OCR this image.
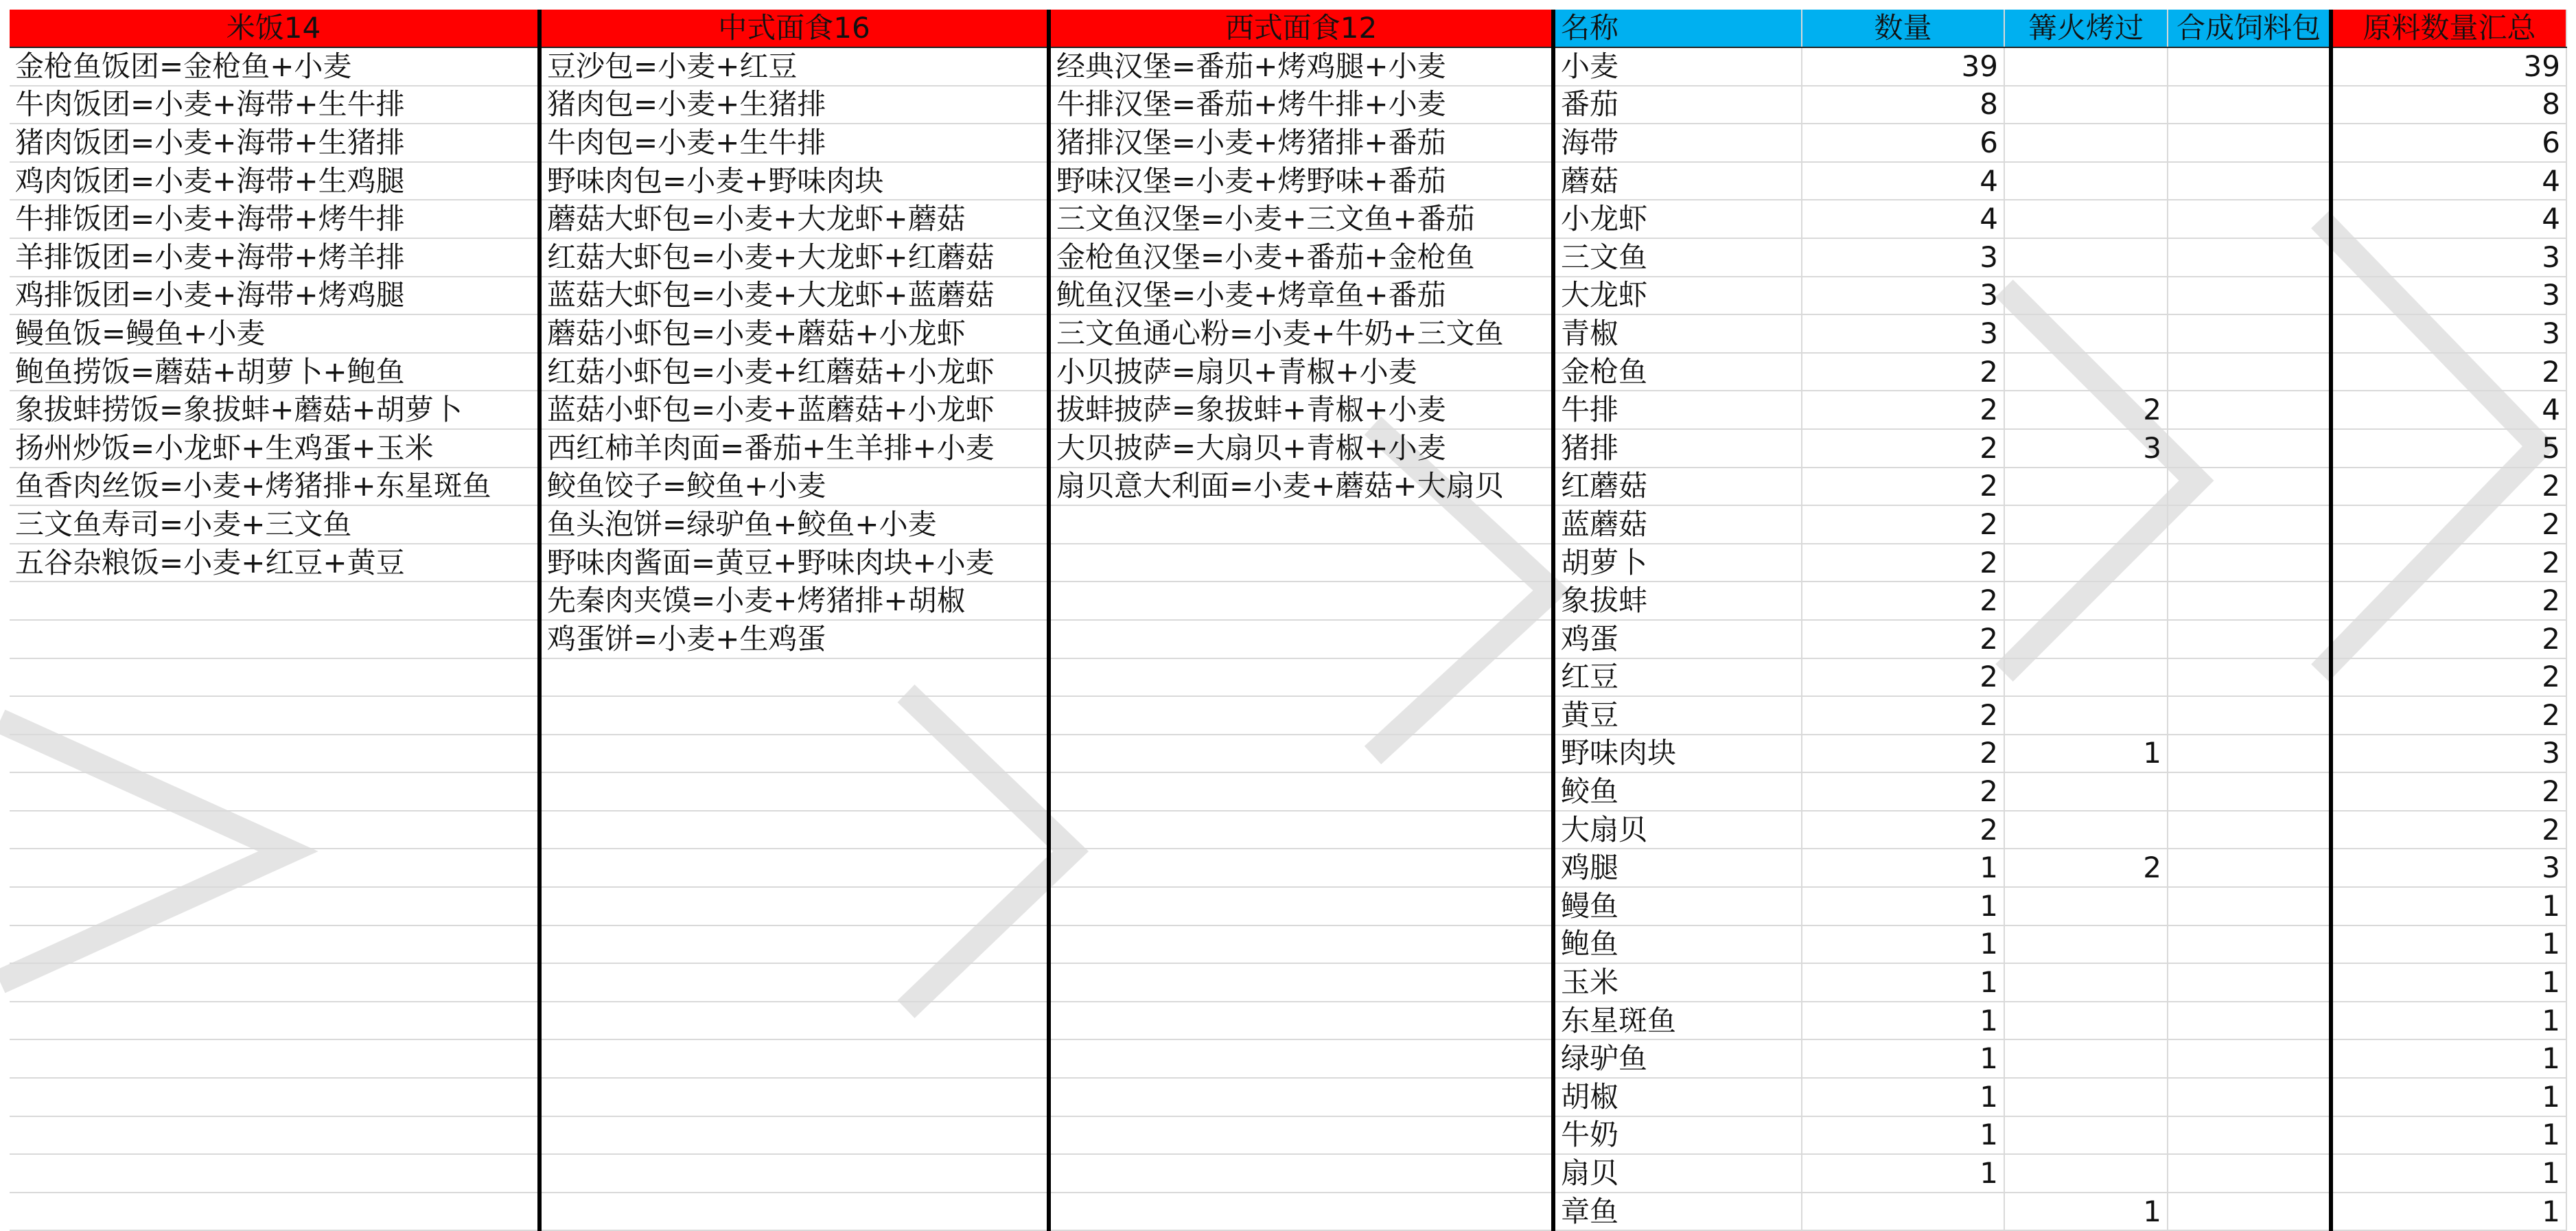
米饭14	中式面食16	西式面食12	名称	数量	篝火烤过	合成饲料包	原料数量汇总
金枪鱼饭团=金枪鱼+小麦	豆沙包=小麦+红豆	经典汉堡=番茄+烤鸡腿+小麦	小麦	39			39
牛肉饭团=小麦+海带+生牛排	猪肉包=小麦+生猪排	牛排汉堡=番茄+烤牛排+小麦	番茄	8			8
猪肉饭团=小麦+海带+生猪排	牛肉包=小麦+生牛排	猪排汉堡=小麦+烤猪排+番茄	海带	6			6
鸡肉饭团=小麦+海带+生鸡腿	野味肉包=小麦+野味肉块	野味汉堡=小麦+烤野味+番茄	蘑菇	4			4
牛排饭团=小麦+海带+烤牛排	蘑菇大虾包=小麦+大龙虾+蘑菇	三文鱼汉堡=小麦+三文鱼+番茄	小龙虾	4			4
羊排饭团=小麦+海带+烤羊排	红菇大虾包=小麦+大龙虾+红蘑菇	金枪鱼汉堡=小麦+番茄+金枪鱼	三文鱼	3			3
鸡排饭团=小麦+海带+烤鸡腿	蓝菇大虾包=小麦+大龙虾+蓝蘑菇	鱿鱼汉堡=小麦+烤章鱼+番茄	大龙虾	3			3
鳗鱼饭=鳗鱼+小麦	蘑菇小虾包=小麦+蘑菇+小龙虾	三文鱼通心粉=小麦+牛奶+三文鱼	青椒	3			3
鲍鱼捞饭=蘑菇+胡萝卜+鲍鱼	红菇小虾包=小麦+红蘑菇+小龙虾	小贝披萨=扇贝+青椒+小麦	金枪鱼	2			2
象拔蚌捞饭=象拔蚌+蘑菇+胡萝卜	蓝菇小虾包=小麦+蓝蘑菇+小龙虾	拔蚌披萨=象拔蚌+青椒+小麦	牛排	2	2		4
扬州炒饭=小龙虾+生鸡蛋+玉米	西红柿羊肉面=番茄+生羊排+小麦	大贝披萨=大扇贝+青椒+小麦	猪排	2	3		5
鱼香肉丝饭=小麦+烤猪排+东星斑鱼	鲛鱼饺子=鲛鱼+小麦	扇贝意大利面=小麦+蘑菇+大扇贝	红蘑菇	2			2
三文鱼寿司=小麦+三文鱼	鱼头泡饼=绿驴鱼+鲛鱼+小麦		蓝蘑菇	2			2
五谷杂粮饭=小麦+红豆+黄豆	野味肉酱面=黄豆+野味肉块+小麦		胡萝卜	2			2
	先秦肉夹馍=小麦+烤猪排+胡椒		象拔蚌	2			2
	鸡蛋饼=小麦+生鸡蛋		鸡蛋	2			2
			红豆	2			2
			黄豆	2			2
			野味肉块	2	1		3
			鲛鱼	2			2
			大扇贝	2			2
			鸡腿	1	2		3
			鳗鱼	1			1
			鲍鱼	1			1
			玉米	1			1
			东星斑鱼	1			1
			绿驴鱼	1			1
			胡椒	1			1
			牛奶	1			1
			扇贝	1			1
			章鱼		1		1
